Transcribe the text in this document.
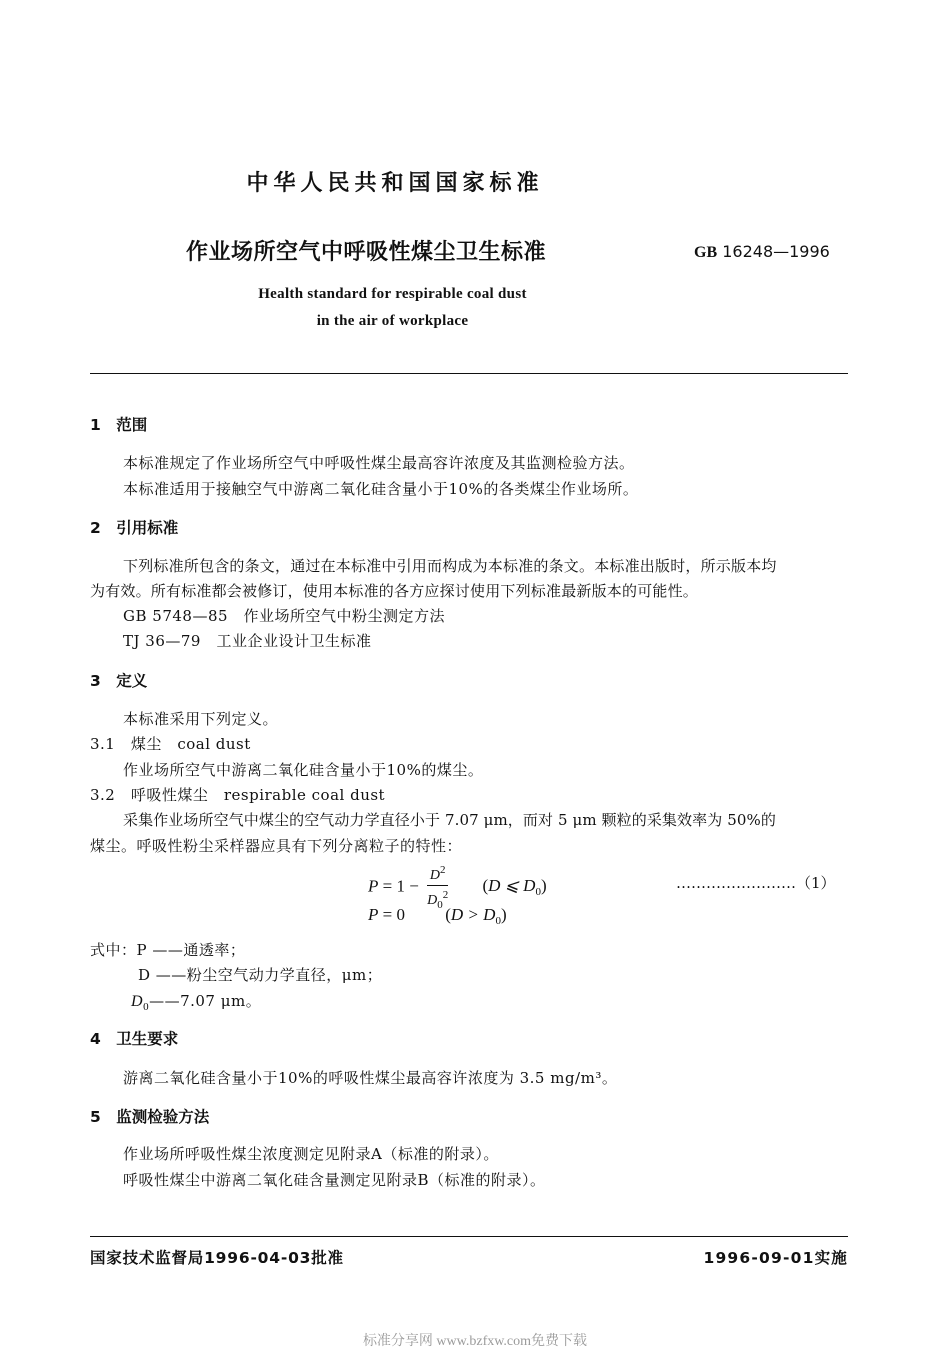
中华人民共和国国家标准
作业场所空气中呼吸性煤尘卫生标准	GB 16248—1996
Health standard for respirable coal dust
in the air of workplace
1　范围
本标准规定了作业场所空气中呼吸性煤尘最高容许浓度及其监测检验方法。
本标准适用于接触空气中游离二氧化硅含量小于10%的各类煤尘作业场所。
2　引用标准
下列标准所包含的条文，通过在本标准中引用而构成为本标准的条文。本标准出版时，所示版本均
为有效。所有标准都会被修订，使用本标准的各方应探讨使用下列标准最新版本的可能性。
GB 5748—85　作业场所空气中粉尘测定方法
TJ 36—79　工业企业设计卫生标准
3　定义
本标准采用下列定义。
3.1　煤尘　coal dust
作业场所空气中游离二氧化硅含量小于10%的煤尘。
3.2　呼吸性煤尘　respirable coal dust
采集作业场所空气中煤尘的空气动力学直径小于 7.07 μm，而对 5 μm 颗粒的采集效率为 50%的
煤尘。呼吸性粉尘采样器应具有下列分离粒子的特性：
$P = 1 - \frac{D^2}{D_0^2} (D$ ⩽ $D_0$)	……………………（1）
P = 0 $(D > D_0)$
式中：P ——通透率；
D ——粉尘空气动力学直径，μm；
$D_0——7.07$ μm。
4　卫生要求
游离二氧化硅含量小于10%的呼吸性煤尘最高容许浓度为 3.5 mg/m³。
5　监测检验方法
作业场所呼吸性煤尘浓度测定见附录A（标准的附录）。
呼吸性煤尘中游离二氧化硅含量测定见附录B（标准的附录）。
国家技术监督局1996-04-03批准	1996-09-01实施
标准分享网 www.bzfxw.com免费下载
